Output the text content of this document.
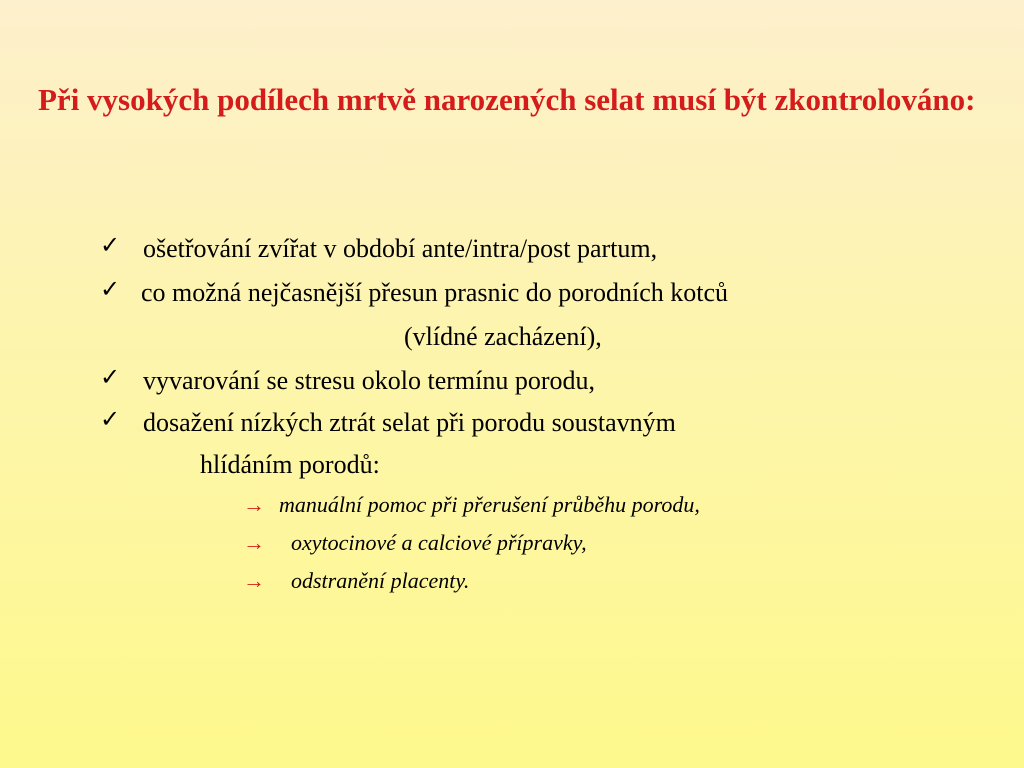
Při vysokých podílech mrtvě narozených selat musí být zkontrolováno:
✓ ošetřování zvířat v období ante/intra/post partum,
✓ co možná nejčasnější přesun prasnic do porodních kotců
(vlídné zacházení),
✓ vyvarování se stresu okolo termínu porodu,
✓ dosažení nízkých ztrát selat při porodu soustavným
hlídáním porodů:
→ manuální pomoc při přerušení průběhu porodu,
→ oxytocinové a calciové přípravky,
→ odstranění placenty.
